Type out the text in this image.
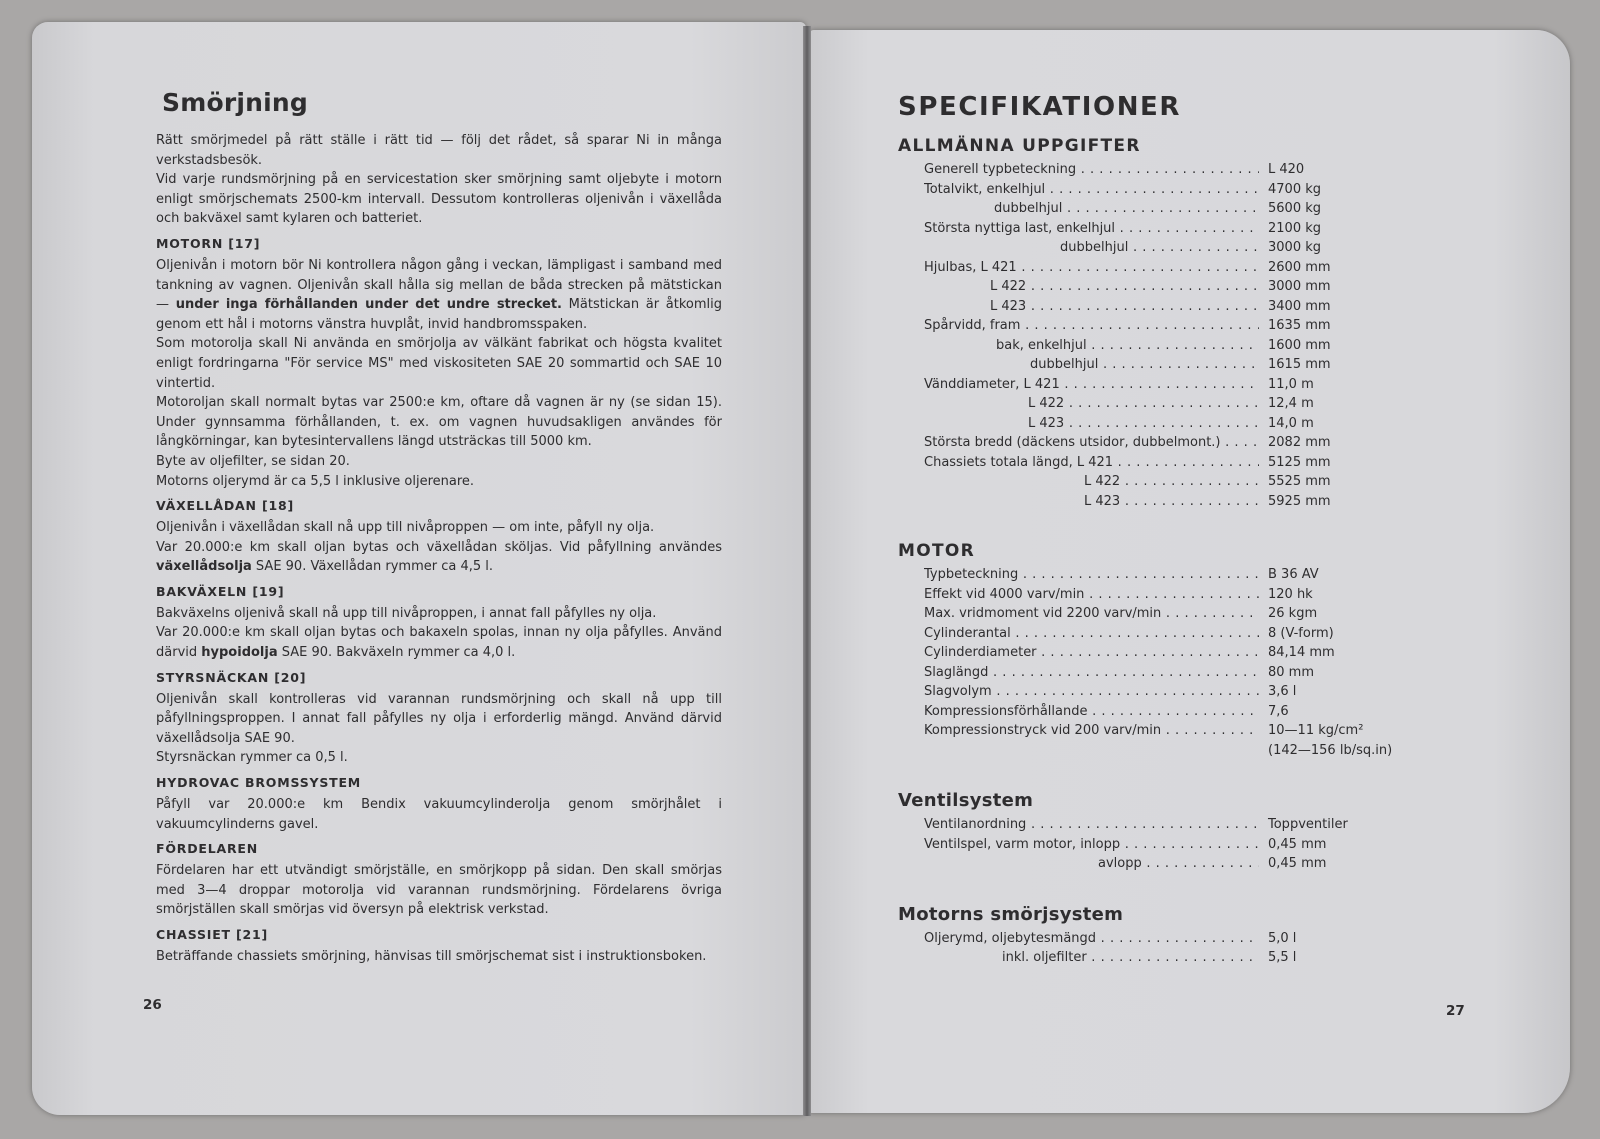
Smörjning

Rätt smörjmedel på rätt ställe i rätt tid — följ det rådet, så sparar Ni in många verkstadsbesök.

Vid varje rundsmörjning på en servicestation sker smörjning samt oljebyte i motorn enligt smörjschemats 2500-km intervall. Dessutom kontrolleras oljenivån i växellåda och bakväxel samt kylaren och batteriet.

MOTORN [17]

Oljenivån i motorn bör Ni kontrollera någon gång i veckan, lämpligast i samband med tankning av vagnen. Oljenivån skall hålla sig mellan de båda strecken på mätstickan — under inga förhållanden under det undre strecket. Mätstickan är åtkomlig genom ett hål i motorns vänstra huvplåt, invid handbromsspaken.

Som motorolja skall Ni använda en smörjolja av välkänt fabrikat och högsta kvalitet enligt fordringarna "För service MS" med viskositeten SAE 20 sommartid och SAE 10 vintertid.

Motoroljan skall normalt bytas var 2500:e km, oftare då vagnen är ny (se sidan 15). Under gynnsamma förhållanden, t. ex. om vagnen huvudsakligen användes för långkörningar, kan bytesintervallens längd utsträckas till 5000 km.

Byte av oljefilter, se sidan 20.

Motorns oljerymd är ca 5,5 l inklusive oljerenare.

VÄXELLÅDAN [18]

Oljenivån i växellådan skall nå upp till nivåproppen — om inte, påfyll ny olja.

Var 20.000:e km skall oljan bytas och växellådan sköljas. Vid påfyllning användes växellådsolja SAE 90. Växellådan rymmer ca 4,5 l.

BAKVÄXELN [19]

Bakväxelns oljenivå skall nå upp till nivåproppen, i annat fall påfylles ny olja.

Var 20.000:e km skall oljan bytas och bakaxeln spolas, innan ny olja påfylles. Använd därvid hypoidolja SAE 90. Bakväxeln rymmer ca 4,0 l.

STYRSNÄCKAN [20]

Oljenivån skall kontrolleras vid varannan rundsmörjning och skall nå upp till påfyllningsproppen. I annat fall påfylles ny olja i erforderlig mängd. Använd därvid växellådsolja SAE 90.

Styrsnäckan rymmer ca 0,5 l.

HYDROVAC BROMSSYSTEM

Påfyll var 20.000:e km Bendix vakuumcylinderolja genom smörjhålet i vakuumcylinderns gavel.

FÖRDELAREN

Fördelaren har ett utvändigt smörjställe, en smörjkopp på sidan. Den skall smörjas med 3—4 droppar motorolja vid varannan rundsmörjning. Fördelarens övriga smörjställen skall smörjas vid översyn på elektrisk verkstad.

CHASSIET [21]

Beträffande chassiets smörjning, hänvisas till smörjschemat sist i instruktionsboken.

26
SPECIFIKATIONER
ALLMÄNNA UPPGIFTER
Generell typbeteckning . . .	L 420
Totalvikt, enkelhjul . . .	4700 kg
dubbelhjul . . .	5600 kg
Största nyttiga last, enkelhjul . . .	2100 kg
dubbelhjul . . .	3000 kg
Hjulbas, L 421 . . .	2600 mm
L 422 . . .	3000 mm
L 423 . . .	3400 mm
Spårvidd, fram . . .	1635 mm
bak, enkelhjul . . .	1600 mm
dubbelhjul . . .	1615 mm
Vänddiameter, L 421 . . .	11,0 m
L 422 . . .	12,4 m
L 423 . . .	14,0 m
Största bredd (däckens utsidor, dubbelmont.) . . .	2082 mm
Chassiets totala längd, L 421 . . .	5125 mm
L 422 . . .	5525 mm
L 423 . . .	5925 mm
MOTOR
Typbeteckning . . .	B 36 AV
Effekt vid 4000 varv/min . . .	120 hk
Max. vridmoment vid 2200 varv/min . . .	26 kgm
Cylinderantal . . .	8 (V-form)
Cylinderdiameter . . .	84,14 mm
Slaglängd . . .	80 mm
Slagvolym . . .	3,6 l
Kompressionsförhållande . . .	7,6
Kompressionstryck vid 200 varv/min . . .	10—11 kg/cm²
(142—156 lb/sq.in)
Ventilsystem
Ventilanordning . . .	Toppventiler
Ventilspel, varm motor, inlopp . . .	0,45 mm
avlopp . . .	0,45 mm
Motorns smörjsystem
Oljerymd, oljebytesmängd . . .	5,0 l
inkl. oljefilter . . .	5,5 l
27
